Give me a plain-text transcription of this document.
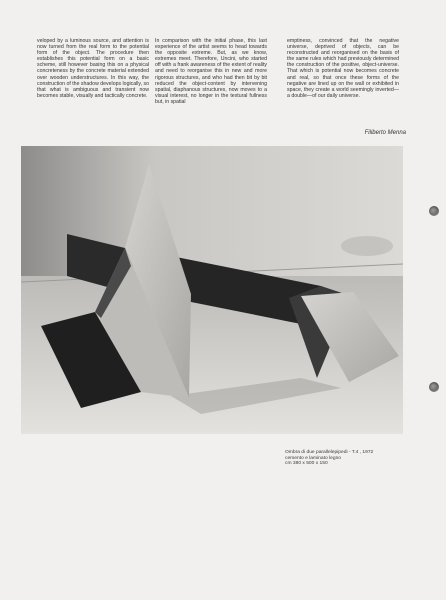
veloped by a luminous source, and attention is now turned from the real form to the potential form of the object. The procedure then establishes this potential form on a basic scheme, still however basing this on a physical concreteness by the concrete material extended over wooden understructures. In this way, the construction of the shadow develops logically, so that what is ambiguous and transient now becomes stable, visually and tactically concrete.

In comparison with the initial phase, this last experience of the artist seems to head towards the opposite extreme. But, as we know, extremes meet. Therefore, Uncini, who started off with a frank awareness of the extent of reality and need to reorganise this in new and more rigorous structures, and who had then bit by bit reduced the object-content by intervening spatial, diaphanous structures, now moves to a visual interest, no longer in the textural fullness but, in spatial

emptiness, convinced that the negative universe, deprived of objects, can be reconstructed and reorganised on the basis of the same rules which had previously determined the construction of the positive, object-universe. That which is potential now becomes concrete and real, so that once these forms of the negative are lined up on the wall or exhibited in space, they create a world seemingly inverted—a double—of our daily universe.

Filiberto Menna
Ombra di due parallelepipedi - T.4 , 1972
cemento e laminato legno
cm 380 x 500 x 150
